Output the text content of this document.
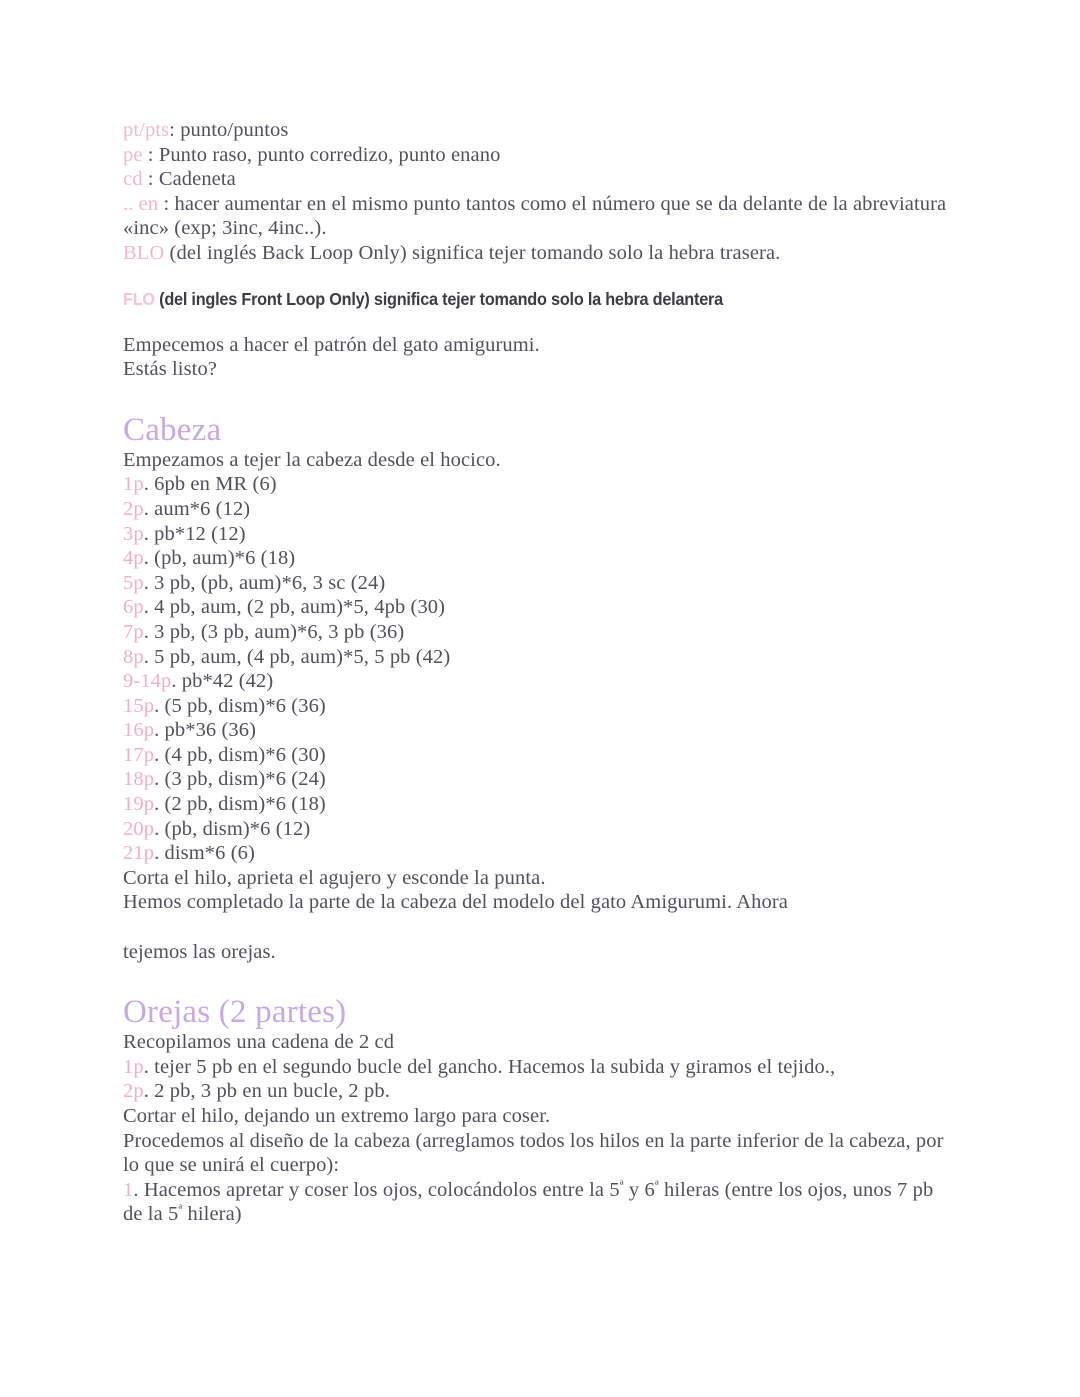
pt/pts: punto/puntos
pe : Punto raso, punto corredizo, punto enano
cd : Cadeneta
.. en : hacer aumentar en el mismo punto tantos como el número que se da delante de la abreviatura «inc» (exp; 3inc, 4inc..).
BLO (del inglés Back Loop Only) significa tejer tomando solo la hebra trasera.
FLO (del ingles Front Loop Only) significa tejer tomando solo la hebra delantera
Empecemos a hacer el patrón del gato amigurumi.
Estás listo?
Cabeza
Empezamos a tejer la cabeza desde el hocico.
1p. 6pb en MR (6)
2p. aum*6 (12)
3p. pb*12 (12)
4p. (pb, aum)*6 (18)
5p. 3 pb, (pb, aum)*6, 3 sc (24)
6p. 4 pb, aum, (2 pb, aum)*5, 4pb (30)
7p. 3 pb, (3 pb, aum)*6, 3 pb (36)
8p. 5 pb, aum, (4 pb, aum)*5, 5 pb (42)
9-14p. pb*42 (42)
15p. (5 pb, dism)*6 (36)
16p. pb*36 (36)
17p. (4 pb, dism)*6 (30)
18p. (3 pb, dism)*6 (24)
19p. (2 pb, dism)*6 (18)
20p. (pb, dism)*6 (12)
21p. dism*6 (6)
Corta el hilo, aprieta el agujero y esconde la punta.
Hemos completado la parte de la cabeza del modelo del gato Amigurumi. Ahora
tejemos las orejas.
Orejas (2 partes)
Recopilamos una cadena de 2 cd
1p. tejer 5 pb en el segundo bucle del gancho. Hacemos la subida y giramos el tejido.,
2p. 2 pb, 3 pb en un bucle, 2 pb.
Cortar el hilo, dejando un extremo largo para coser.

Procedemos al diseño de la cabeza (arreglamos todos los hilos en la parte inferior de la cabeza, por lo que se unirá el cuerpo):

1. Hacemos apretar y coser los ojos, colocándolos entre la $5^ª$ y $6^ª$ hileras (entre los ojos, unos 7 pb de la $5^ª$ hilera)
